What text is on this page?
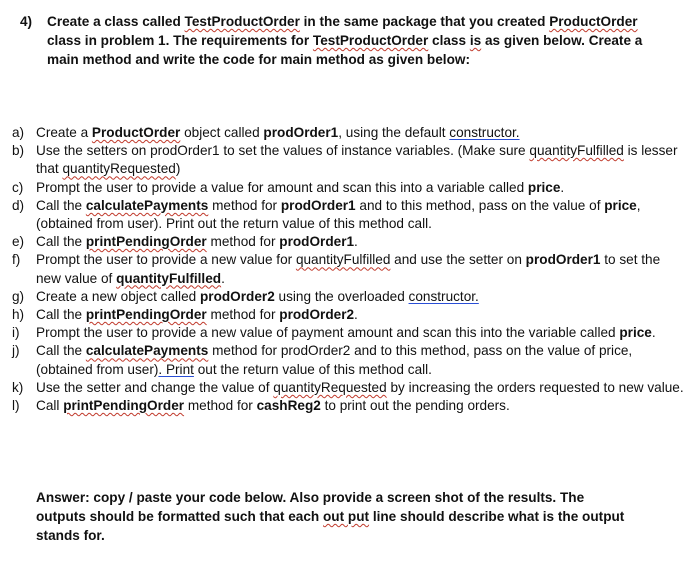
4) Create a class called TestProductOrder in the same package that you created ProductOrder class in problem 1. The requirements for TestProductOrder class is as given below. Create a main method and write the code for main method as given below:
a) Create a ProductOrder object called prodOrder1, using the default constructor.
b) Use the setters on prodOrder1 to set the values of instance variables. (Make sure quantityFulfilled is lesser that quantityRequested)
c) Prompt the user to provide a value for amount and scan this into a variable called price.
d) Call the calculatePayments method for prodOrder1 and to this method, pass on the value of price, (obtained from user). Print out the return value of this method call.
e) Call the printPendingOrder method for prodOrder1.
f) Prompt the user to provide a new value for quantityFulfilled and use the setter on prodOrder1 to set the new value of quantityFulfilled.
g) Create a new object called prodOrder2 using the overloaded constructor.
h) Call the printPendingOrder method for prodOrder2.
i) Prompt the user to provide a new value of payment amount and scan this into the variable called price.
j) Call the calculatePayments method for prodOrder2 and to this method, pass on the value of price, (obtained from user). Print out the return value of this method call.
k) Use the setter and change the value of quantityRequested by increasing the orders requested to new value.
l) Call printPendingOrder method for cashReg2 to print out the pending orders.
Answer: copy / paste your code below. Also provide a screen shot of the results. The outputs should be formatted such that each out put line should describe what is the output stands for.
